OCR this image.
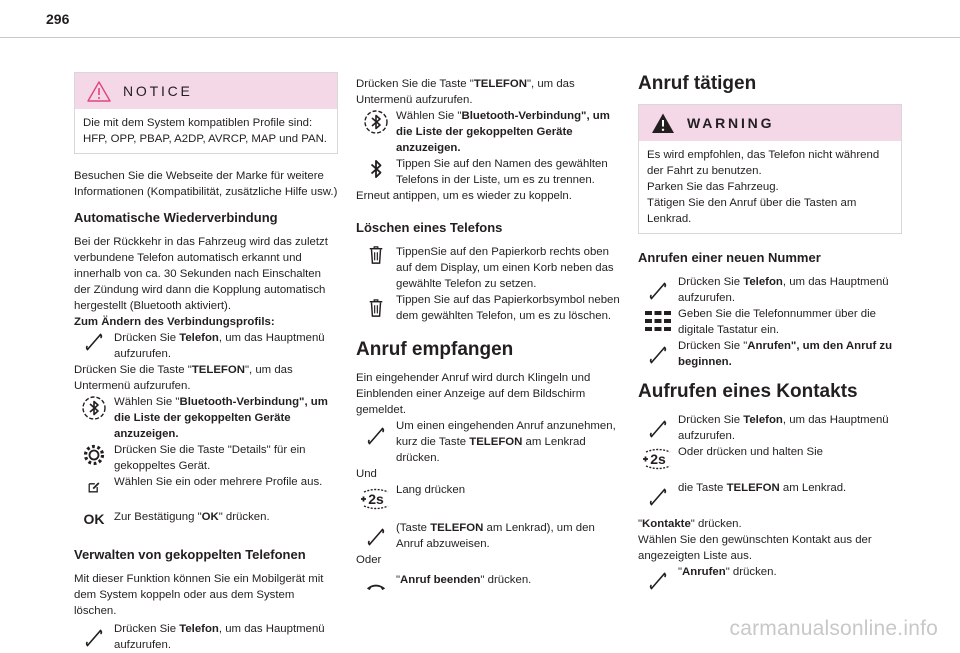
296
NOTICE

Die mit dem System kompatiblen Profile sind: HFP, OPP, PBAP, A2DP, AVRCP, MAP und PAN.

Besuchen Sie die Webseite der Marke für weitere Informationen (Kompatibilität, zusätzliche Hilfe usw.)

Automatische Wiederverbindung

Bei der Rückkehr in das Fahrzeug wird das zuletzt verbundene Telefon automatisch erkannt und innerhalb von ca. 30 Sekunden nach Einschalten der Zündung wird dann die Kopplung automatisch hergestellt (Bluetooth aktiviert).

Zum Ändern des Verbindungsprofils:

Drücken Sie Telefon, um das Hauptmenü aufzurufen.

Drücken Sie die Taste "TELEFON", um das Untermenü aufzurufen.

Wählen Sie "Bluetooth-Verbindung", um die Liste der gekoppelten Geräte anzuzeigen.
Drücken Sie die Taste "Details" für ein gekoppeltes Gerät.
Wählen Sie ein oder mehrere Profile aus.
OK Zur Bestätigung "OK" drücken.
Verwalten von gekoppelten Telefonen

Mit dieser Funktion können Sie ein Mobilgerät mit dem System koppeln oder aus dem System löschen.

Drücken Sie Telefon, um das Hauptmenü aufzurufen.

Drücken Sie die Taste "TELEFON", um das Untermenü aufzurufen.

Wählen Sie "Bluetooth-Verbindung", um die Liste der gekoppelten Geräte anzuzeigen.
Tippen Sie auf den Namen des gewählten Telefons in der Liste, um es zu trennen.

Erneut antippen, um es wieder zu koppeln.

Löschen eines Telefons
TippenSie auf den Papierkorb rechts oben auf dem Display, um einen Korb neben das gewählte Telefon zu setzen.
Tippen Sie auf das Papierkorbsymbol neben dem gewählten Telefon, um es zu löschen.
Anruf empfangen

Ein eingehender Anruf wird durch Klingeln und Einblenden einer Anzeige auf dem Bildschirm gemeldet.

Um einen eingehenden Anruf anzunehmen, kurz die Taste TELEFON am Lenkrad drücken.

Und

Lang drücken
(Taste TELEFON am Lenkrad), um den Anruf abzuweisen.

Oder

"Anruf beenden" drücken.
Anruf tätigen
WARNING

Es wird empfohlen, das Telefon nicht während der Fahrt zu benutzen.

Parken Sie das Fahrzeug.

Tätigen Sie den Anruf über die Tasten am Lenkrad.

Anrufen einer neuen Nummer
Drücken Sie Telefon, um das Hauptmenü aufzurufen.
Geben Sie die Telefonnummer über die digitale Tastatur ein.
Drücken Sie "Anrufen", um den Anruf zu beginnen.
Aufrufen eines Kontakts
Drücken Sie Telefon, um das Hauptmenü aufzurufen.
Oder drücken und halten Sie
die Taste TELEFON am Lenkrad.

"Kontakte" drücken.

Wählen Sie den gewünschten Kontakt aus der angezeigten Liste aus.

"Anrufen" drücken.
carmanualsonline.info
